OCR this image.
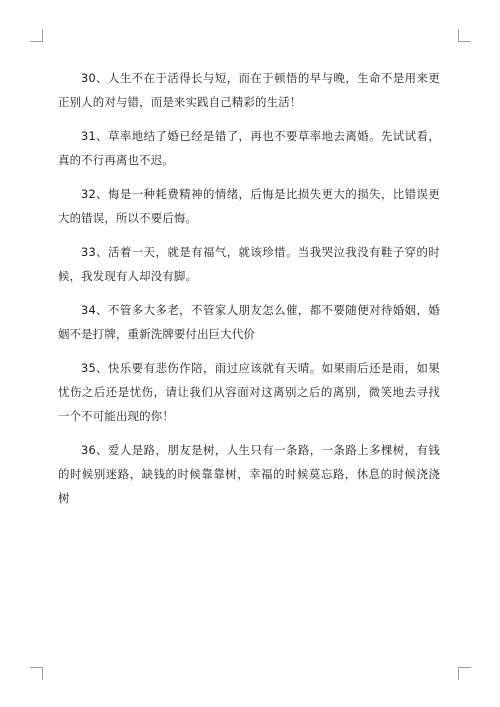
30、人生不在于活得长与短，而在于顿悟的早与晚，生命不是用来更正别人的对与错，而是来实践自己精彩的生活！

31、草率地结了婚已经是错了，再也不要草率地去离婚。先试试看，真的不行再离也不迟。

32、悔是一种耗费精神的情绪，后悔是比损失更大的损失，比错误更大的错误，所以不要后悔。

33、活着一天，就是有福气，就该珍惜。当我哭泣我没有鞋子穿的时候，我发现有人却没有脚。

34、不管多大多老，不管家人朋友怎么催，都不要随便对待婚姻，婚姻不是打牌，重新洗牌要付出巨大代价

35、快乐要有悲伤作陪，雨过应该就有天晴。如果雨后还是雨，如果忧伤之后还是忧伤，请让我们从容面对这离别之后的离别，微笑地去寻找一个不可能出现的你！

36、爱人是路，朋友是树，人生只有一条路，一条路上多棵树，有钱的时候别迷路，缺钱的时候靠靠树，幸福的时候莫忘路，休息的时候浇浇树
